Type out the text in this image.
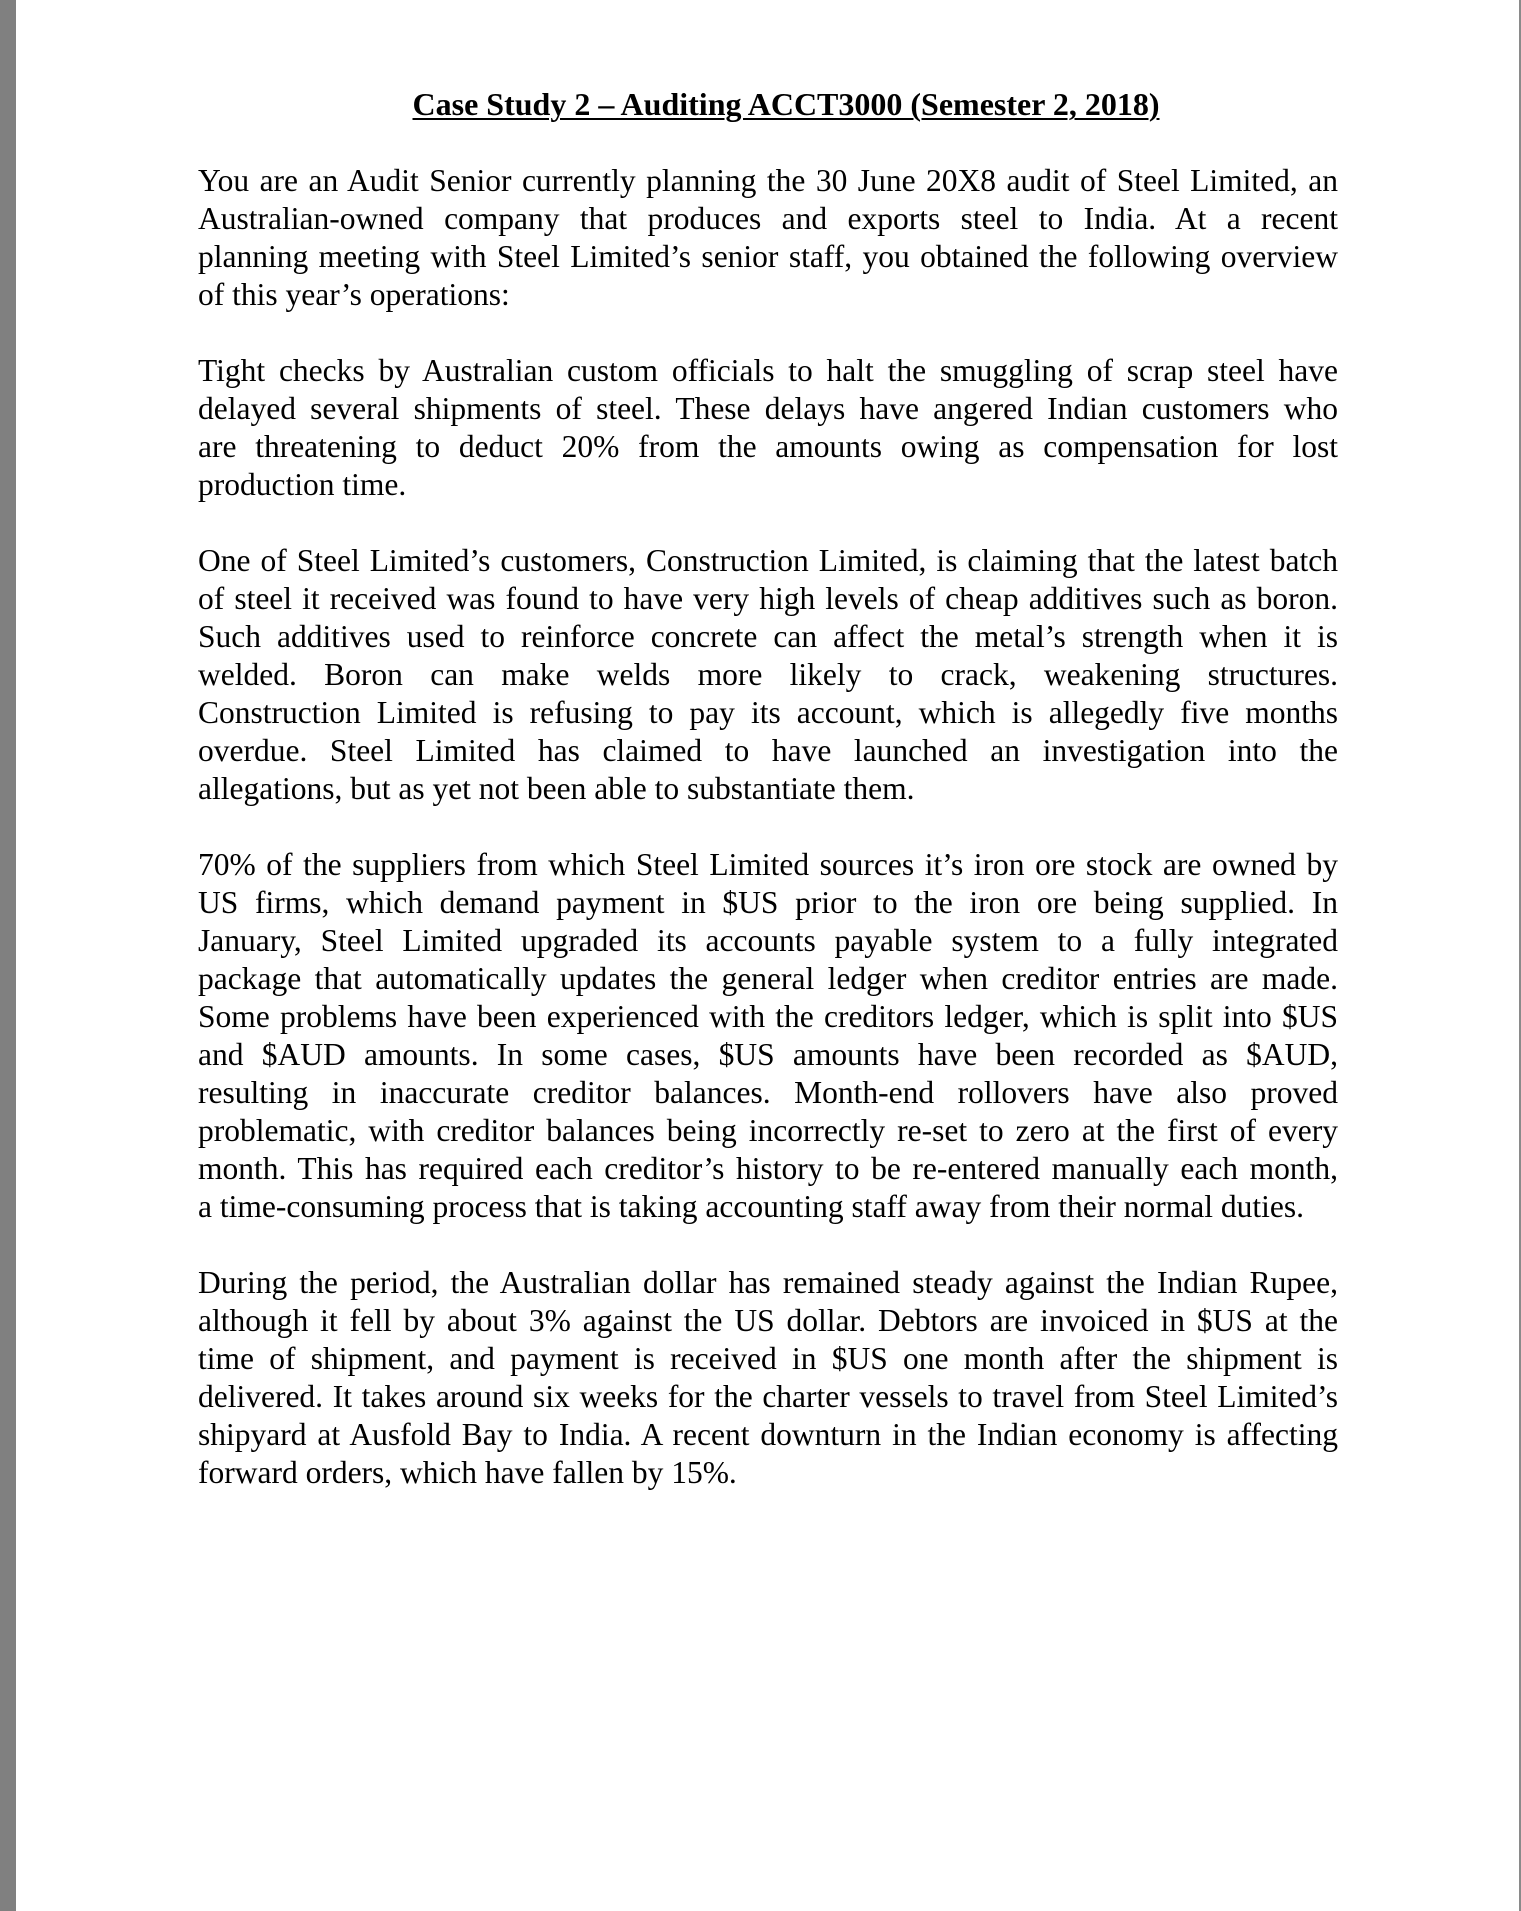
Case Study 2 – Auditing ACCT3000 (Semester 2, 2018)

You are an Audit Senior currently planning the 30 June 20X8 audit of Steel Limited, an
Australian-owned company that produces and exports steel to India. At a recent
planning meeting with Steel Limited’s senior staff, you obtained the following overview
of this year’s operations:

Tight checks by Australian custom officials to halt the smuggling of scrap steel have
delayed several shipments of steel. These delays have angered Indian customers who
are threatening to deduct 20% from the amounts owing as compensation for lost
production time.

One of Steel Limited’s customers, Construction Limited, is claiming that the latest batch
of steel it received was found to have very high levels of cheap additives such as boron.
Such additives used to reinforce concrete can affect the metal’s strength when it is
welded. Boron can make welds more likely to crack, weakening structures.
Construction Limited is refusing to pay its account, which is allegedly five months
overdue. Steel Limited has claimed to have launched an investigation into the
allegations, but as yet not been able to substantiate them.

70% of the suppliers from which Steel Limited sources it’s iron ore stock are owned by
US firms, which demand payment in $US prior to the iron ore being supplied. In
January, Steel Limited upgraded its accounts payable system to a fully integrated
package that automatically updates the general ledger when creditor entries are made.
Some problems have been experienced with the creditors ledger, which is split into $US
and $AUD amounts. In some cases, $US amounts have been recorded as $AUD,
resulting in inaccurate creditor balances. Month-end rollovers have also proved
problematic, with creditor balances being incorrectly re-set to zero at the first of every
month. This has required each creditor’s history to be re-entered manually each month,
a time-consuming process that is taking accounting staff away from their normal duties.

During the period, the Australian dollar has remained steady against the Indian Rupee,
although it fell by about 3% against the US dollar. Debtors are invoiced in $US at the
time of shipment, and payment is received in $US one month after the shipment is
delivered. It takes around six weeks for the charter vessels to travel from Steel Limited’s
shipyard at Ausfold Bay to India. A recent downturn in the Indian economy is affecting
forward orders, which have fallen by 15%.
